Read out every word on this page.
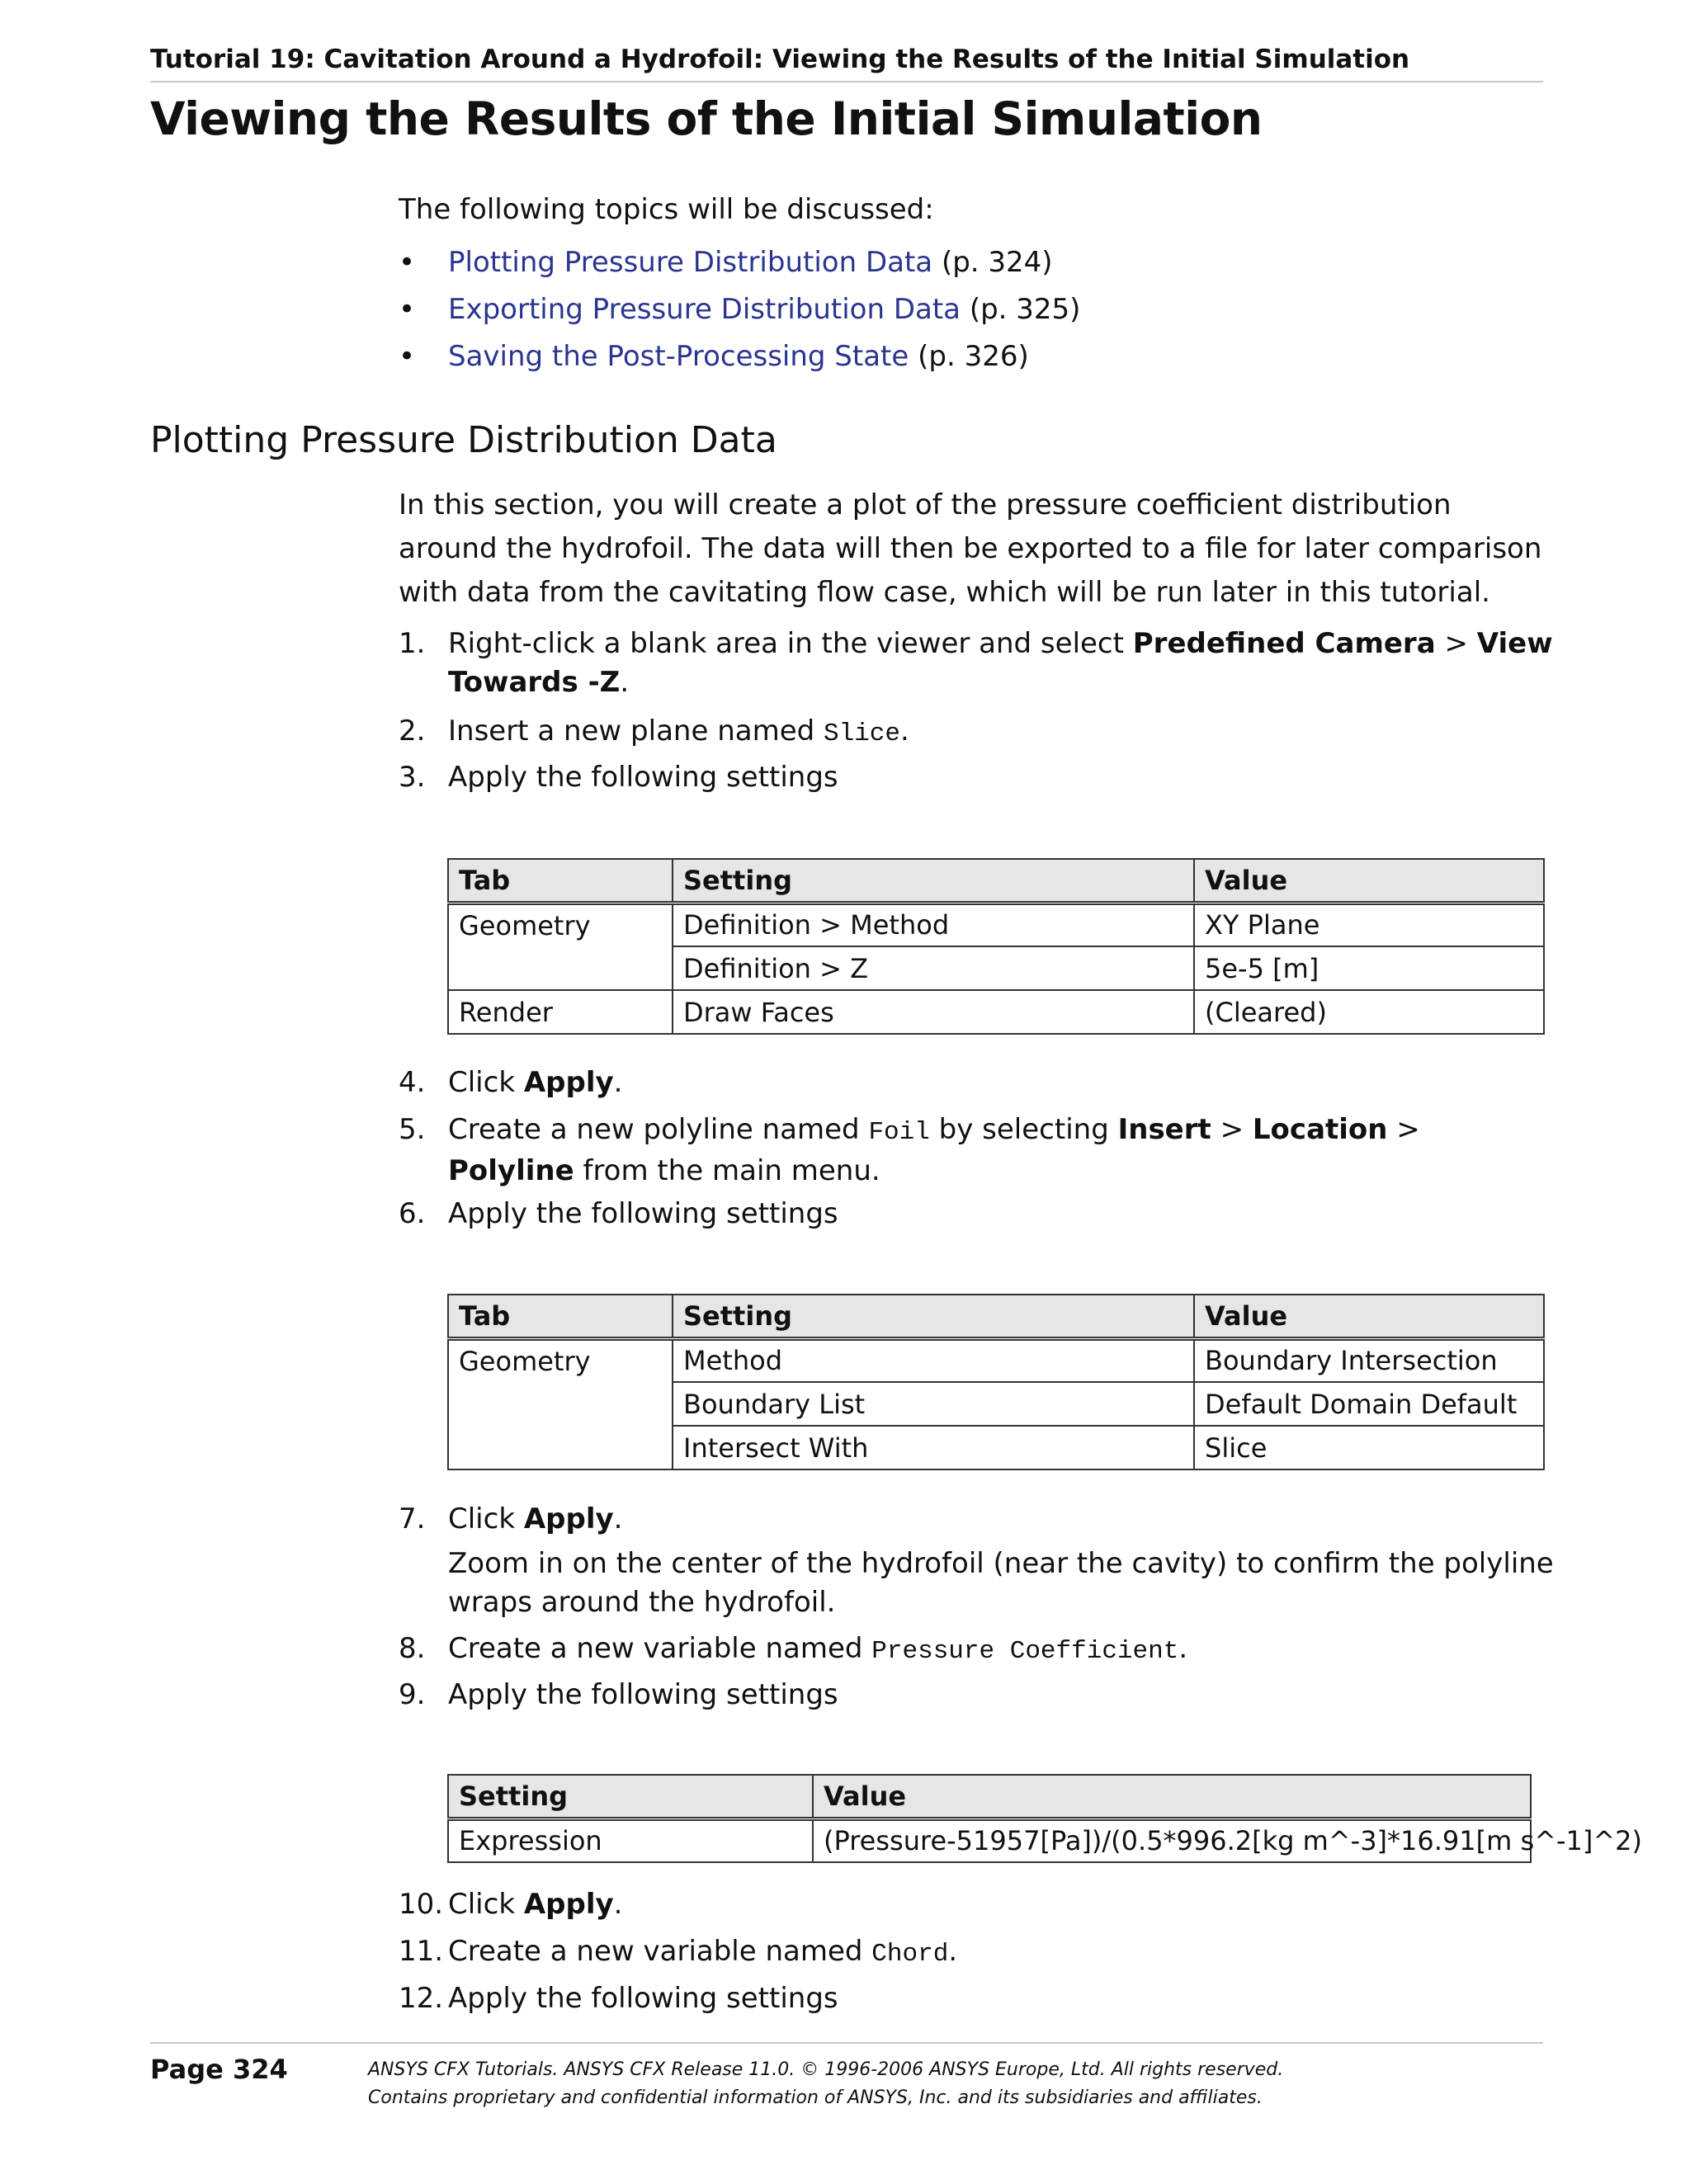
Tutorial 19: Cavitation Around a Hydrofoil: Viewing the Results of the Initial Simulation
Viewing the Results of the Initial Simulation
The following topics will be discussed:
• Plotting Pressure Distribution Data (p. 324)
• Exporting Pressure Distribution Data (p. 325)
• Saving the Post-Processing State (p. 326)
Plotting Pressure Distribution Data

In this section, you will create a plot of the pressure coefficient distribution around the hydrofoil. The data will then be exported to a file for later comparison with data from the cavitating flow case, which will be run later in this tutorial.

1. Right-click a blank area in the viewer and select Predefined Camera > View Towards -Z.
2. Insert a new plane named Slice.
3. Apply the following settings
Tab	Setting	Value
Geometry	Definition > Method	XY Plane
	Definition > Z	5e-5 [m]
Render	Draw Faces	(Cleared)
4. Click Apply.
5. Create a new polyline named Foil by selecting Insert > Location > Polyline from the main menu.
6. Apply the following settings
Tab	Setting	Value
Geometry	Method	Boundary Intersection
	Boundary List	Default Domain Default
	Intersect With	Slice
7. Click Apply.
Zoom in on the center of the hydrofoil (near the cavity) to confirm the polyline wraps around the hydrofoil.
8. Create a new variable named Pressure Coefficient.
9. Apply the following settings
Setting	Value
Expression	(Pressure-51957[Pa])/(0.5*996.2[kg m^-3]*16.91[m s^-1]^2)
10. Click Apply.
11. Create a new variable named Chord.
12. Apply the following settings
Page 324	ANSYS CFX Tutorials. ANSYS CFX Release 11.0. © 1996-2006 ANSYS Europe, Ltd. All rights reserved.
Contains proprietary and confidential information of ANSYS, Inc. and its subsidiaries and affiliates.
